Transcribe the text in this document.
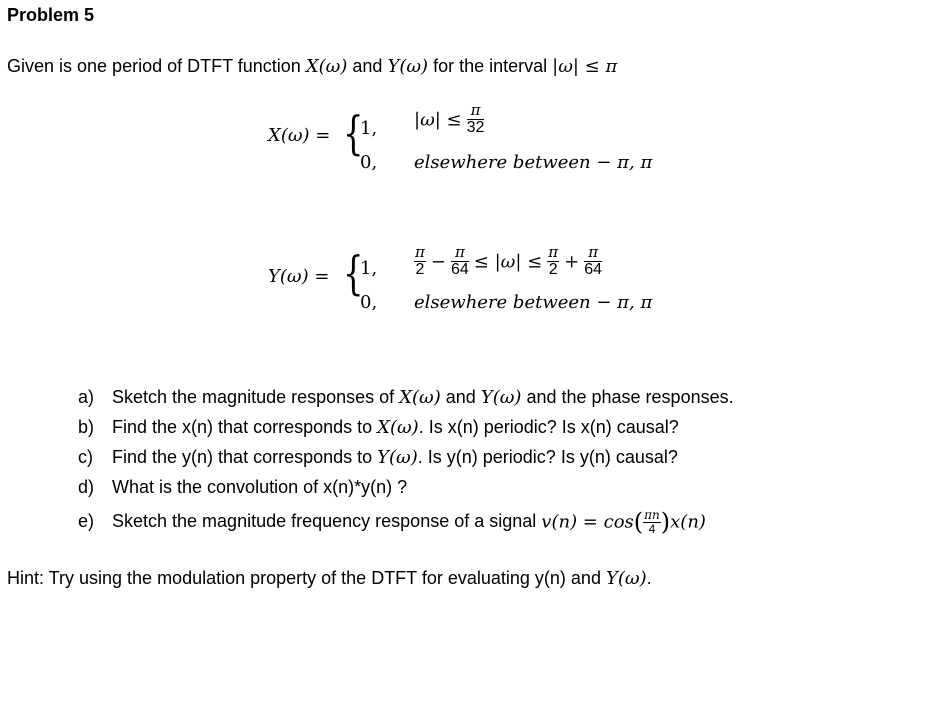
Problem 5
Given is one period of DTFT function X(ω) and Y(ω) for the interval |ω| ≤ π
X(ω) = {
1, $|\omega| \le \frac{\pi}{32}$
0, elsewhere between − π, π
Y(ω) = {
1, $\frac{\pi}{2} - \frac{\pi}{64} \le |\omega| \le \frac{\pi}{2} + \frac{\pi}{64}$
0, elsewhere between − π, π
a) Sketch the magnitude responses of X(ω) and Y(ω) and the phase responses.
b) Find the x(n) that corresponds to X(ω). Is x(n) periodic? Is x(n) causal?
c) Find the y(n) that corresponds to Y(ω). Is y(n) periodic? Is y(n) causal?
d) What is the convolution of x(n)*y(n) ?
e) Sketch the magnitude frequency response of a signal $v(n) = \cos( \frac{\pi n}{4} )x(n)$
Hint: Try using the modulation property of the DTFT for evaluating y(n) and Y(ω).
